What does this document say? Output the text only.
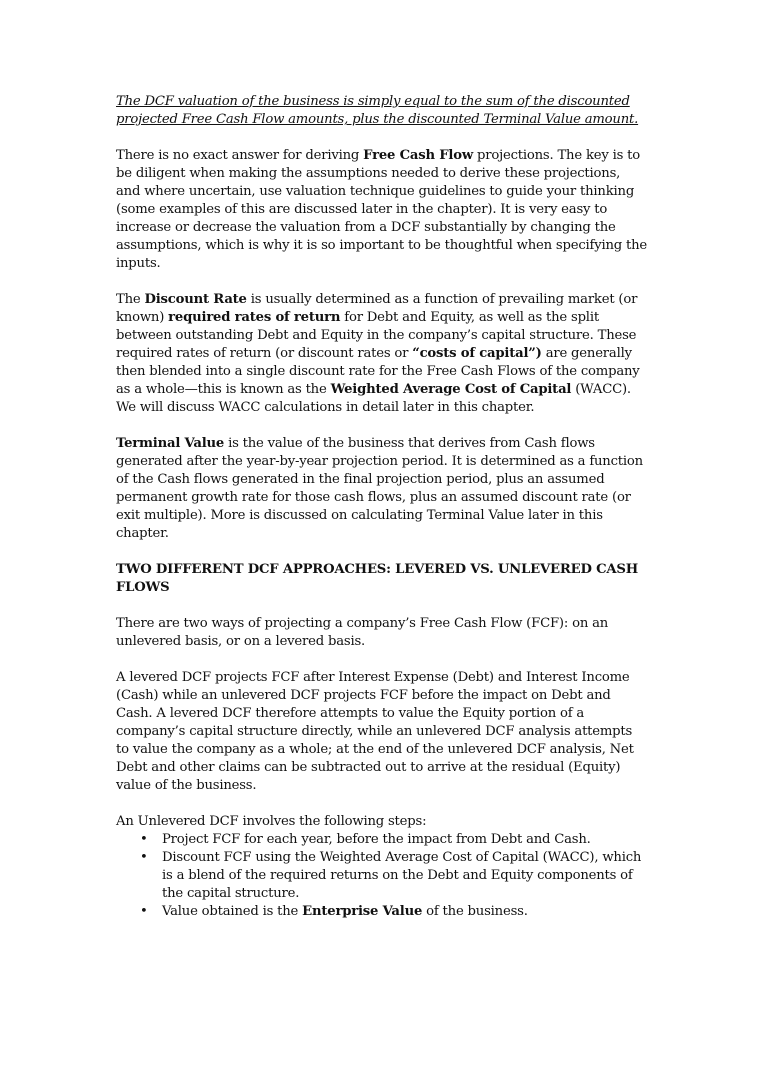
The DCF valuation of the business is simply equal to the sum of the discounted projected Free Cash Flow amounts, plus the discounted Terminal Value amount.

There is no exact answer for deriving Free Cash Flow projections. The key is to be diligent when making the assumptions needed to derive these projections, and where uncertain, use valuation technique guidelines to guide your thinking (some examples of this are discussed later in the chapter). It is very easy to increase or decrease the valuation from a DCF substantially by changing the assumptions, which is why it is so important to be thoughtful when specifying the inputs.

The Discount Rate is usually determined as a function of prevailing market (or known) required rates of return for Debt and Equity, as well as the split between outstanding Debt and Equity in the company’s capital structure. These required rates of return (or discount rates or “costs of capital”) are generally then blended into a single discount rate for the Free Cash Flows of the company as a whole—this is known as the Weighted Average Cost of Capital (WACC). We will discuss WACC calculations in detail later in this chapter.

Terminal Value is the value of the business that derives from Cash flows generated after the year-by-year projection period. It is determined as a function of the Cash flows generated in the final projection period, plus an assumed permanent growth rate for those cash flows, plus an assumed discount rate (or exit multiple). More is discussed on calculating Terminal Value later in this chapter.

TWO DIFFERENT DCF APPROACHES: LEVERED VS. UNLEVERED CASH FLOWS

There are two ways of projecting a company’s Free Cash Flow (FCF): on an unlevered basis, or on a levered basis.

A levered DCF projects FCF after Interest Expense (Debt) and Interest Income (Cash) while an unlevered DCF projects FCF before the impact on Debt and Cash. A levered DCF therefore attempts to value the Equity portion of a company’s capital structure directly, while an unlevered DCF analysis attempts to value the company as a whole; at the end of the unlevered DCF analysis, Net Debt and other claims can be subtracted out to arrive at the residual (Equity) value of the business.

An Unlevered DCF involves the following steps:

• Project FCF for each year, before the impact from Debt and Cash.
• Discount FCF using the Weighted Average Cost of Capital (WACC), which is a blend of the required returns on the Debt and Equity components of the capital structure.
• Value obtained is the Enterprise Value of the business.
